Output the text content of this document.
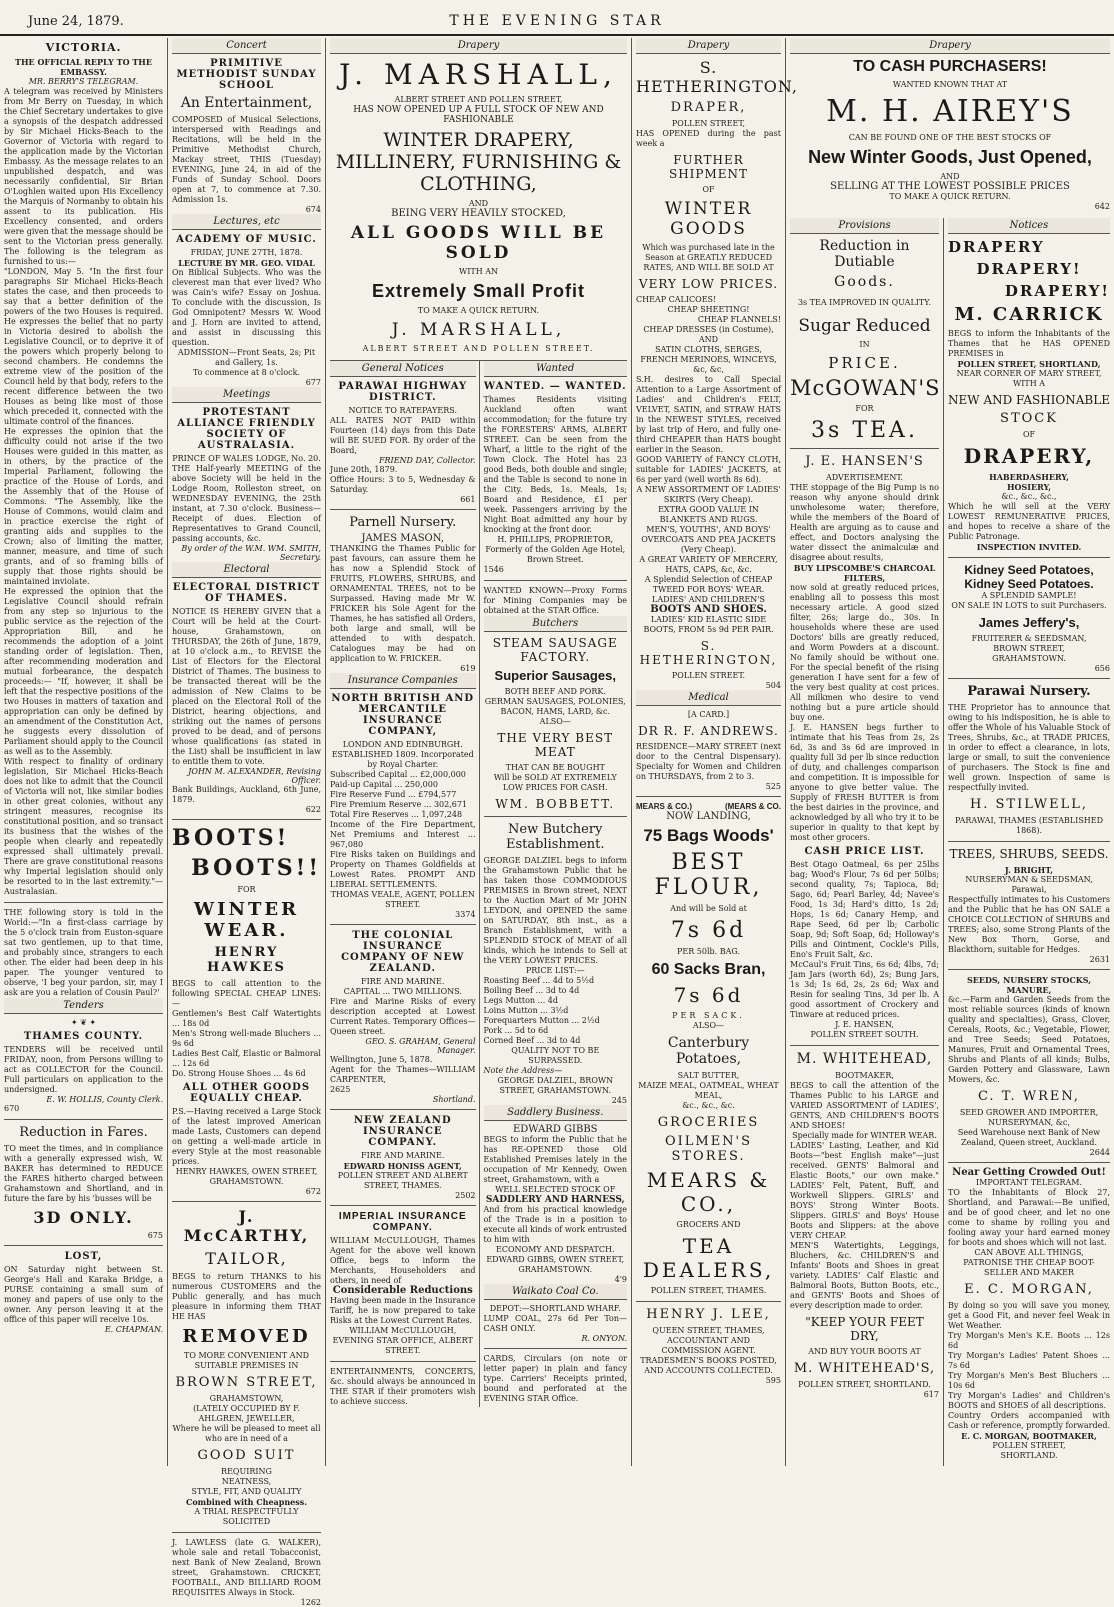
June 24, 1879.	THE EVENING STAR
VICTORIA.
THE OFFICIAL REPLY TO THE EMBASSY.
MR. BERRY'S TELEGRAM.
A telegram was received by Ministers from Mr Berry on Tuesday, in which the Chief Secretary undertakes to give a synopsis of the despatch addressed by Sir Michael Hicks-Beach to the Governor of Victoria with regard to the application made by the Victorian Embassy. As the message relates to an unpublished despatch, and was necessarily confidential, Sir Brian O'Loghlen waited upon His Excellency the Marquis of Normanby to obtain his assent to its publication. His Excellency consented, and orders were given that the message should be sent to the Victorian press generally. The following is the telegram as furnished to us:—
"LONDON, May 5. "In the first four paragraphs Sir Michael Hicks-Beach states the case, and then proceeds to say that a better definition of the powers of the two Houses is required. He expresses the belief that no party in Victoria desired to abolish the Legislative Council, or to deprive it of the powers which properly belong to second chambers. He condemns the extreme view of the position of the Council held by that body, refers to the recent difference between the two Houses as being like most of those which preceded it, connected with the ultimate control of the finances.
He expresses the opinion that the difficulty could not arise if the two Houses were guided in this matter, as in others, by the practice of the Imperial Parliament, following the practice of the House of Lords, and the Assembly that of the House of Commons. "The Assembly, like the House of Commons, would claim and in practice exercise the right of granting aids and supplies to the Crown; also of limiting the matter, manner, measure, and time of such grants, and of so framing bills of supply that those rights should be maintained inviolate.
He expressed the opinion that the Legislative Council should refrain from any step so injurious to the public service as the rejection of the Appropriation Bill, and he recommends the adoption of a joint standing order of legislation. Then, after recommending moderation and mutual forbearance, the despatch proceeds:— "If, however, it shall be left that the respective positions of the two Houses in matters of taxation and appropriation can only be defined by an amendment of the Constitution Act, he suggests every dissolution of Parliament should apply to the Council as well as to the Assembly.
With respect to finality of ordinary legislation, Sir Michael Hicks-Beach does not like to admit that the Council of Victoria will not, like similar bodies in other great colonies, without any stringent measures, recognise its constitutional position, and so transact its business that the wishes of the people when clearly and repeatedly expressed shall ultimately prevail. There are grave constitutional reasons why Imperial legislation should only be resorted to in the last extremity."—Australasian.
THE following story is told in the World:—"In a first-class carriage by the 5 o'clock train from Euston-square sat two gentlemen, up to that time, and probably since, strangers to each other. The elder had been deep in his paper. The younger ventured to observe, 'I beg your pardon, sir, may I ask are you a relation of Cousin Paul?'
Tenders
✦ ❦ ✦
THAMES COUNTY.
TENDERS will be received until FRIDAY, noon, from Persons willing to act as COLLECTOR for the Council. Full particulars on application to the undersigned.
E. W. HOLLIS, County Clerk.
670
Reduction in Fares.
TO meet the times, and in compliance with a generally expressed wish, W. BAKER has determined to REDUCE the FARES hitherto charged between Grahamstown and Shortland, and in future the fare by his 'busses will be
3D ONLY.
675
LOST,
ON Saturday night between St. George's Hall and Karaka Bridge, a PURSE containing a small sum of money and papers of use only to the owner. Any person leaving it at the office of this paper will receive 10s.
E. CHAPMAN.
Concert
PRIMITIVE METHODIST SUNDAY SCHOOL
An Entertainment,
COMPOSED of Musical Selections, interspersed with Readings and Recitations, will be held in the Primitive Methodist Church, Mackay street, THIS (Tuesday) EVENING, June 24, in aid of the Funds of Sunday School. Doors open at 7, to commence at 7.30. Admission 1s.
674
Lectures, etc
ACADEMY OF MUSIC.
FRIDAY, JUNE 27TH, 1878.
LECTURE BY MR. GEO. VIDAL
On Biblical Subjects. Who was the cleverest man that ever lived? Who was Cain's wife? Essay on Joshua. To conclude with the discussion, Is God Omnipotent? Messrs W. Wood and J. Horn are invited to attend, and assist in discussing this question.
ADMISSION—Front Seats, 2s; Pit and Gallery, 1s.
To commence at 8 o'clock.
677
Meetings
PROTESTANT ALLIANCE FRIENDLY SOCIETY OF AUSTRALASIA.
PRINCE OF WALES LODGE, No. 20.
THE Half-yearly MEETING of the above Society will be held in the Lodge Room, Rolleston street, on WEDNESDAY EVENING, the 25th instant, at 7.30 o'clock. Business—Receipt of dues. Election of Representatives to Grand Council, passing accounts, &c.
By order of the W.M. WM. SMITH, Secretary.
Electoral
ELECTORAL DISTRICT OF THAMES.
NOTICE IS HEREBY GIVEN that a Court will be held at the Court-house, Grahamstown, on THURSDAY, the 26th of June, 1879, at 10 o'clock a.m., to REVISE the List of Electors for the Electoral District of Thames. The business to be transacted thereat will be the admission of New Claims to be placed on the Electoral Roll of the District, hearing objections, and striking out the names of persons proved to be dead, and of persons whose qualifications (as stated in the List) shall be insufficient in law to entitle them to vote.
JOHN M. ALEXANDER, Revising Officer.
Bank Buildings, Auckland, 6th June, 1879.
622
BOOTS!
BOOTS!!
FOR
WINTER WEAR.
HENRY HAWKES
BEGS to call attention to the following SPECIAL CHEAP LINES:—
Gentlemen's Best Calf Watertights ... 18s 0d
Men's Strong well-made Bluchers ... 9s 6d
Ladies Best Calf, Elastic or Balmoral ... 12s 6d
Do. Strong House Shoes ... 4s 6d
ALL OTHER GOODS EQUALLY CHEAP.
P.S.—Having received a Large Stock of the latest improved American made Lasts, Customers can depend on getting a well-made article in every Style at the most reasonable prices.
HENRY HAWKES, OWEN STREET, GRAHAMSTOWN.
672
J. McCARTHY,
TAILOR,
BEGS to return THANKS to his numerous CUSTOMERS and the Public generally, and has much pleasure in informing them THAT HE HAS
REMOVED
TO MORE CONVENIENT AND SUITABLE PREMISES IN
BROWN STREET,
GRAHAMSTOWN,
(LATELY OCCUPIED BY F. AHLGREN, JEWELLER,
Where he will be pleased to meet all who are in need of a
GOOD SUIT
REQUIRING
NEATNESS,
STYLE, FIT, AND QUALITY
Combined with Cheapness.
A TRIAL RESPECTFULLY SOLICITED
J. LAWLESS (late G. WALKER), whole sale and retail Tobacconist, next Bank of New Zealand, Brown street, Grahamstown. CRICKET, FOOTBALL, AND BILLIARD ROOM REQUISITES Always in Stock.
1262
Drapery
J. MARSHALL,
ALBERT STREET AND POLLEN STREET,
HAS NOW OPENED UP A FULL STOCK OF NEW AND FASHIONABLE
WINTER DRAPERY, MILLINERY, FURNISHING & CLOTHING,
AND
BEING VERY HEAVILY STOCKED,
ALL GOODS WILL BE SOLD
WITH AN
Extremely Small Profit
TO MAKE A QUICK RETURN.
J. MARSHALL,
ALBERT STREET AND POLLEN STREET.
General Notices
PARAWAI HIGHWAY DISTRICT.
NOTICE TO RATEPAYERS.
ALL RATES NOT PAID within Fourteen (14) days from this Date will BE SUED FOR. By order of the Board,
FRIEND DAY, Collector.
June 20th, 1879.
Office Hours: 3 to 5, Wednesday & Saturday.
661
Parnell Nursery.
JAMES MASON,
THANKING the Thames Public for past favours, can assure them he has now a Splendid Stock of FRUITS, FLOWERS, SHRUBS, and ORNAMENTAL TREES, not to be Surpassed. Having made Mr W. FRICKER his Sole Agent for the Thames, he has satisfied all Orders, both large and small, will be attended to with despatch. Catalogues may be had on application to W. FRICKER.
619
Insurance Companies
NORTH BRITISH AND MERCANTILE INSURANCE COMPANY,
LONDON AND EDINBURGH.
ESTABLISHED 1809. Incorporated by Royal Charter.
Subscribed Capital ... £2,000,000
Paid-up Capital ... 250,000
Fire Reserve Fund ... £794,577
Fire Premium Reserve ... 302,671
Total Fire Reserves ... 1,097,248
Income of the Fire Department, Net Premiums and Interest ... 967,080
Fire Risks taken on Buildings and Property on Thames Goldfields at Lowest Rates. PROMPT AND LIBERAL SETTLEMENTS.
THOMAS VEALE, AGENT, POLLEN STREET.
3374
THE COLONIAL INSURANCE COMPANY OF NEW ZEALAND.
FIRE AND MARINE.
CAPITAL ... TWO MILLIONS.
Fire and Marine Risks of every description accepted at Lowest Current Rates. Temporary Offices—Queen street.
GEO. S. GRAHAM, General Manager.
Wellington, June 5, 1878.
Agent for the Thames—WILLIAM CARPENTER,
2625
Shortland.
NEW ZEALAND INSURANCE COMPANY.
FIRE AND MARINE.
EDWARD HONISS AGENT,
POLLEN STREET AND ALBERT STREET, THAMES.
2502
IMPERIAL INSURANCE COMPANY.
WILLIAM McCULLOUGH, Thames Agent for the above well known Office, begs to inform the Merchants, Householders and others, in need of
Considerable Reductions
Having been made in the Insurance Tariff, he is now prepared to take Risks at the Lowest Current Rates.
WILLIAM McCULLOUGH,
EVENING STAR OFFICE, ALBERT STREET.
ENTERTAINMENTS, CONCERTS, &c. should always be announced in THE STAR if their promoters wish to achieve success.
Wanted
WANTED. — WANTED.
Thames Residents visiting Auckland often want accommodation; for the future try the FORESTERS' ARMS, ALBERT STREET. Can be seen from the Wharf, a little to the right of the Town Clock. The Hotel has 23 good Beds, both double and single; and the Table is second to none in the City. Beds, 1s. Meals, 1s; Board and Residence, £1 per week. Passengers arriving by the Night Boat admitted any hour by knocking at the front door.
H. PHILLIPS, PROPRIETOR, Formerly of the Golden Age Hotel, Brown Street.
1546
WANTED KNOWN—Proxy Forms for Mining Companies may be obtained at the STAR Office.
Butchers
STEAM SAUSAGE FACTORY.
Superior Sausages,
BOTH BEEF AND PORK.
GERMAN SAUSAGES, POLONIES, BACON, HAMS, LARD, &c.
ALSO—
THE VERY BEST MEAT
THAT CAN BE BOUGHT
Will be SOLD AT EXTREMELY LOW PRICES FOR CASH.
WM. BOBBETT.
New Butchery Establishment.
GEORGE DALZIEL begs to inform the Grahamstown Public that he has taken those COMMODIOUS PREMISES in Brown street, NEXT to the Auction Mart of Mr JOHN LEYDON, and OPENED the same on SATURDAY, 8th inst., as a Branch Establishment, with a SPLENDID STOCK of MEAT of all kinds, which he intends to Sell at the VERY LOWEST PRICES.
PRICE LIST:—
Roasting Beef ... 4d to 5½d
Boiling Beef ... 3d to 4d
Legs Mutton ... 4d
Loins Mutton ... 3½d
Forequarters Mutton ... 2½d
Pork ... 5d to 6d
Corned Beef ... 3d to 4d
QUALITY NOT TO BE SURPASSED.
Note the Address—
GEORGE DALZIEL, BROWN STREET, GRAHAMSTOWN.
245
Saddlery Business.
EDWARD GIBBS
BEGS to inform the Public that he has RE-OPENED those Old Established Premises lately in the occupation of Mr Kennedy, Owen street, Grahamstown, with a
WELL SELECTED STOCK OF
SADDLERY AND HARNESS,
And from his practical knowledge of the Trade is in a position to execute all kinds of work entrusted to him with
ECONOMY AND DESPATCH.
EDWARD GIBBS, OWEN STREET, GRAHAMSTOWN.
4'9
Waikato Coal Co.
DEPOT:—SHORTLAND WHARF.
LUMP COAL, 27s 6d Per Ton—CASH ONLY.
R. ONYON.
CARDS, Circulars (on note or letter paper) in plain and fancy type. Carriers' Receipts printed, bound and perforated at the EVENING STAR Office.
Drapery
S. HETHERINGTON,
DRAPER,
POLLEN STREET,
HAS OPENED during the past week a
FURTHER SHIPMENT
OF
WINTER GOODS
Which was purchased late in the Season at GREATLY REDUCED RATES, AND WILL BE SOLD AT
VERY LOW PRICES.
CHEAP CALICOES!
CHEAP SHEETING!
CHEAP FLANNELS!
CHEAP DRESSES (in Costume), AND
SATIN CLOTHS, SERGES, FRENCH MERINOES, WINCEYS, &c, &c,
S.H. desires to Call Special Attention to a Large Assortment of Ladies' and Children's FELT, VELVET, SATIN, and STRAW HATS in the NEWEST STYLES, received by last trip of Hero, and fully one-third CHEAPER than HATS bought earlier in the Season.
GOOD VARIETY of FANCY CLOTH, suitable for LADIES' JACKETS, at 6s per yard (well worth 8s 6d).
A NEW ASSORTMENT OF LADIES' SKIRTS (Very Cheap).
EXTRA GOOD VALUE IN BLANKETS AND RUGS.
MEN'S, YOUTHS', AND BOYS' OVERCOATS AND PEA JACKETS (Very Cheap).
A GREAT VARIETY OF MERCERY, HATS, CAPS, &c, &c.
A Splendid Selection of CHEAP TWEED FOR BOYS' WEAR.
LADIES' AND CHILDREN'S
BOOTS AND SHOES.
LADIES' KID ELASTIC SIDE BOOTS, FROM 5s 9d PER PAIR.
S. HETHERINGTON,
POLLEN STREET.
504
Medical
[A CARD.]
DR R. F. ANDREWS.
RESIDENCE—MARY STREET (next door to the Central Dispensary). Specialty for Women and Children on THURSDAYS, from 2 to 3.
525
MEARS & CO.)	(MEARS & CO.
NOW LANDING,
75 Bags Woods'
BEST FLOUR,
And will be Sold at
7s 6d
PER 50lb. BAG.
60 Sacks Bran,
7s 6d
PER SACK.
ALSO—
Canterbury Potatoes,
SALT BUTTER,
MAIZE MEAL, OATMEAL, WHEAT
MEAL,
&c., &c., &c.
GROCERIES
OILMEN'S STORES.
MEARS & CO.,
GROCERS AND
TEA DEALERS,
POLLEN STREET, THAMES.
HENRY J. LEE,
QUEEN STREET, THAMES,
ACCOUNTANT AND COMMISSION AGENT.
TRADESMEN'S BOOKS POSTED, AND ACCOUNTS COLLECTED.
595
Drapery
TO CASH PURCHASERS!
WANTED KNOWN THAT AT
M. H. AIREY'S
CAN BE FOUND ONE OF THE BEST STOCKS OF
New Winter Goods, Just Opened,
AND
SELLING AT THE LOWEST POSSIBLE PRICES
TO MAKE A QUICK RETURN.
642
Provisions
Reduction in Dutiable
Goods.
3s TEA IMPROVED IN QUALITY.
Sugar Reduced
IN
PRICE.
McGOWAN'S
FOR
3s TEA.
J. E. HANSEN'S
ADVERTISEMENT.
THE stoppage of the Big Pump is no reason why anyone should drink unwholesome water; therefore, while the members of the Board of Health are arguing as to cause and effect, and Doctors analysing the water dissect the animalculæ and disagree about results,
BUY LIPSCOMBE'S CHARCOAL FILTERS,
now sold at greatly reduced prices, enabling all to possess this most necessary article. A good sized filter, 26s; large do., 30s. In households where these are used Doctors' bills are greatly reduced, and Worm Powders at a discount. No family should be without one. For the special benefit of the rising generation I have sent for a few of the very best quality at cost prices. All milkmen who desire to vend nothing but a pure article should buy one.
J. E. HANSEN begs further to intimate that his Teas from 2s, 2s 6d, 3s and 3s 6d are improved in quality full 3d per lb since reduction of duty, and challenges comparison and competition. It is impossible for anyone to give better value. The Supply of FRESH BUTTER is from the best dairies in the province, and acknowledged by all who try it to be superior in quality to that kept by most other grocers.
CASH PRICE LIST.
Best Otago Oatmeal, 6s per 25lbs bag; Wood's Flour, 7s 6d per 50lbs; second quality, 7s; Tapioca, 8d; Sago, 6d; Pearl Barley, 4d; Navee's Food, 1s 3d; Hard's ditto, 1s 2d; Hops, 1s 6d; Canary Hemp, and Rape Seed, 6d per lb; Carbolic Soap, 9d; Soft Soap, 6d; Holloway's Pills and Ointment, Cockle's Pills, Eno's Fruit Salt, &c.
McCaul's Fruit Tins, 6s 6d; 4lbs, 7d; Jam Jars (worth 6d), 2s; Bung Jars, 1s 3d; 1s 6d, 2s, 2s 6d; Wax and Resin for sealing Tins, 3d per lb. A good assortment of Crockery and Tinware at reduced prices.
J. E. HANSEN,
POLLEN STREET SOUTH.
M. WHITEHEAD,
BOOTMAKER,
BEGS to call the attention of the Thames Public to his LARGE and VARIED ASSORTMENT of LADIES', GENTS, AND CHILDREN'S BOOTS AND SHOES!
Specially made for WINTER WEAR.
LADIES' Lasting, Leather, and Kid Boots—"best English make"—just received. GENTS' Balmoral and Elastic Boots," our own make." LADIES' Felt, Patent, Buff, and Workwell Slippers. GIRLS' and BOYS' Strong Winter Boots. Slippers. GIRLS' and Boys' House Boots and Slippers: at the above VERY CHEAP.
MEN'S Watertights, Leggings, Bluchers, &c. CHILDREN'S and Infants' Boots and Shoes in great variety. LADIES' Calf Elastic and Balmoral Boots, Button Boots, etc., and GENTS' Boots and Shoes of every description made to order.
"KEEP YOUR FEET DRY,
AND BUY YOUR BOOTS AT
M. WHITEHEAD'S,
POLLEN STREET, SHORTLAND.
617
Notices
DRAPERY
DRAPERY!
DRAPERY!
M. CARRICK
BEGS to inform the Inhabitants of the Thames that he HAS OPENED PREMISES in
POLLEN STREET, SHORTLAND,
NEAR CORNER OF MARY STREET,
WITH A
NEW AND FASHIONABLE
STOCK
OF
DRAPERY,
HABERDASHERY,
HOSIERY,
&c., &c., &c.,
Which he will sell at the VERY LOWEST REMUNERATIVE PRICES, and hopes to receive a share of the Public Patronage.
INSPECTION INVITED.
Kidney Seed Potatoes,
Kidney Seed Potatoes.
A SPLENDID SAMPLE!
ON SALE IN LOTS to suit Purchasers.
James Jeffery's,
FRUITERER & SEEDSMAN,
BROWN STREET,
GRAHAMSTOWN.
656
Parawai Nursery.
THE Proprietor has to announce that owing to his indisposition, he is able to offer the Whole of his Valuable Stock of Trees, Shrubs, &c., at TRADE PRICES, in order to effect a clearance, in lots, large or small, to suit the convenience of purchasers. The Stock is fine and well grown. Inspection of same is respectfully invited.
H. STILWELL,
PARAWAI, THAMES (ESTABLISHED 1868).
TREES, SHRUBS, SEEDS.
J. BRIGHT,
NURSERYMAN & SEEDSMAN,
Parawai,
Respectfully intimates to his Customers and the Public that he has ON SALE a CHOICE COLLECTION of SHRUBS and TREES; also, some Strong Plants of the New Box Thorn, Gorse, and Blackthorn, suitable for Hedges.
2631
SEEDS, NURSERY STOCKS, MANURE,
&c.—Farm and Garden Seeds from the most reliable sources (kinds of known quality and specialties), Grass, Clover, Cereals, Roots, &c.; Vegetable, Flower, and Tree Seeds; Seed Potatoes, Manures, Fruit and Ornamental Trees, Shrubs and Plants of all kinds; Bulbs, Garden Pottery and Glassware, Lawn Mowers, &c.
C. T. WREN,
SEED GROWER AND IMPORTER,
NURSERYMAN, &c,
Seed Warehouse next Bank of New Zealand, Queen street, Auckland.
2644
Near Getting Crowded Out!
IMPORTANT TELEGRAM.
TO the Inhabitants of Block 27, Shortland, and Parawai:—Be unified, and be of good cheer, and let no one come to shame by rolling you and fooling away your hard earned money for boots and shoes which will not last.
CAN ABOVE ALL THINGS,
PATRONISE THE CHEAP BOOT-
SELLER AND MAKER
E. C. MORGAN,
By doing so you will save you money, get a Good Fit, and never feel Weak in Wet Weather.
Try Morgan's Men's K.E. Boots ... 12s 6d
Try Morgan's Ladies' Patent Shoes ... 7s 6d
Try Morgan's Men's Best Bluchers ... 10s 6d
Try Morgan's Ladies' and Children's BOOTS and SHOES of all descriptions.
Country Orders accompanied with Cash or reference, promptly forwarded.
E. C. MORGAN, BOOTMAKER,
POLLEN STREET,
SHORTLAND.
